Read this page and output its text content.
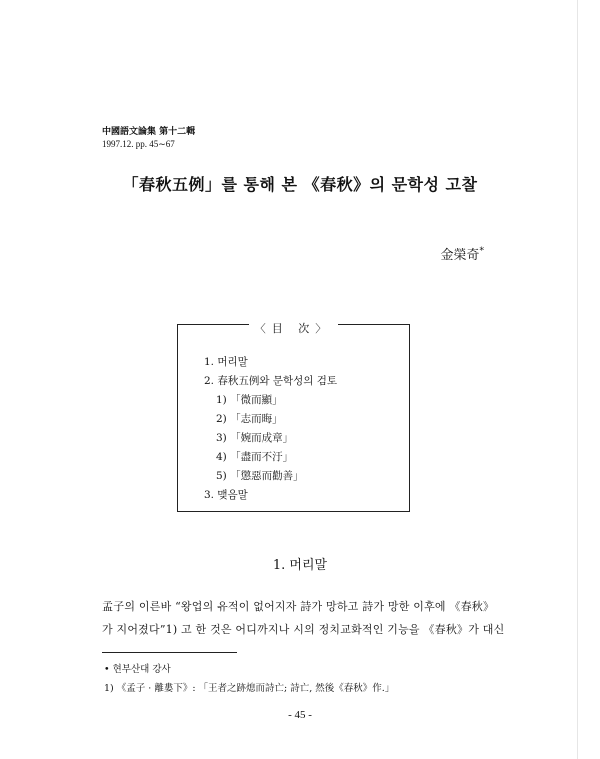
中國語文論集 第十二輯
1997.12. pp. 45∼67
「春秋五例」를 통해 본 《春秋》의 문학성 고찰
金榮奇*
〈目 次〉
1. 머리말
2. 春秋五例와 문학성의 검토
1) 「微而顯」
2) 「志而晦」
3) 「婉而成章」
4) 「盡而不汙」
5) 「懲惡而勸善」
3. 맺음말
1. 머리말
孟子의 이른바 “왕업의 유적이 없어지자 詩가 망하고 詩가 망한 이후에 《春秋》
가 지어졌다”1) 고 한 것은 어디까지나 시의 정치교화적인 기능을 《春秋》가 대신
• 현부산대 강사
1) 《孟子 · 離婁下》: 「王者之跡熄而詩亡; 詩亡, 然後《春秋》作.」
- 45 -
